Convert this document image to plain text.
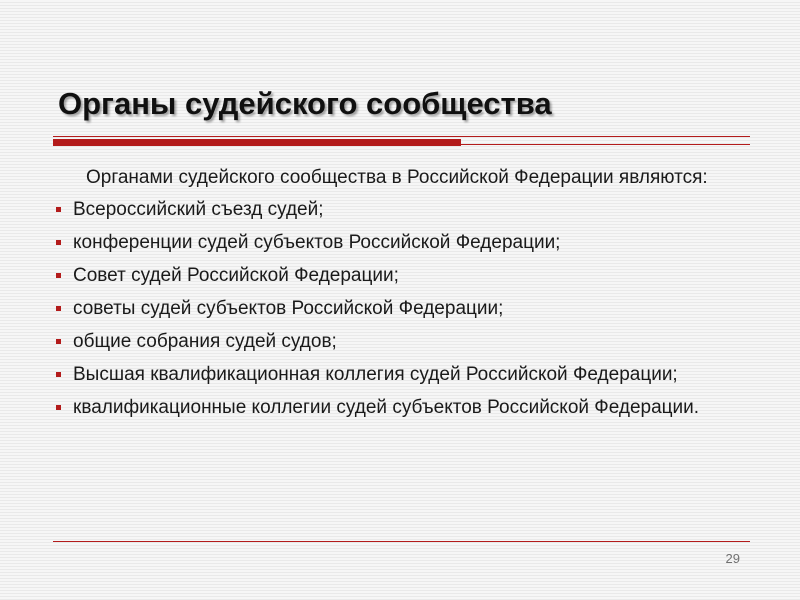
Органы судейского сообщества

Органами судейского сообщества в Российской Федерации являются:

Всероссийский съезд судей;
конференции судей субъектов Российской Федерации;
Совет судей Российской Федерации;
советы судей субъектов Российской Федерации;
общие собрания судей судов;
Высшая квалификационная коллегия судей Российской Федерации;
квалификационные коллегии судей субъектов Российской Федерации.
29
